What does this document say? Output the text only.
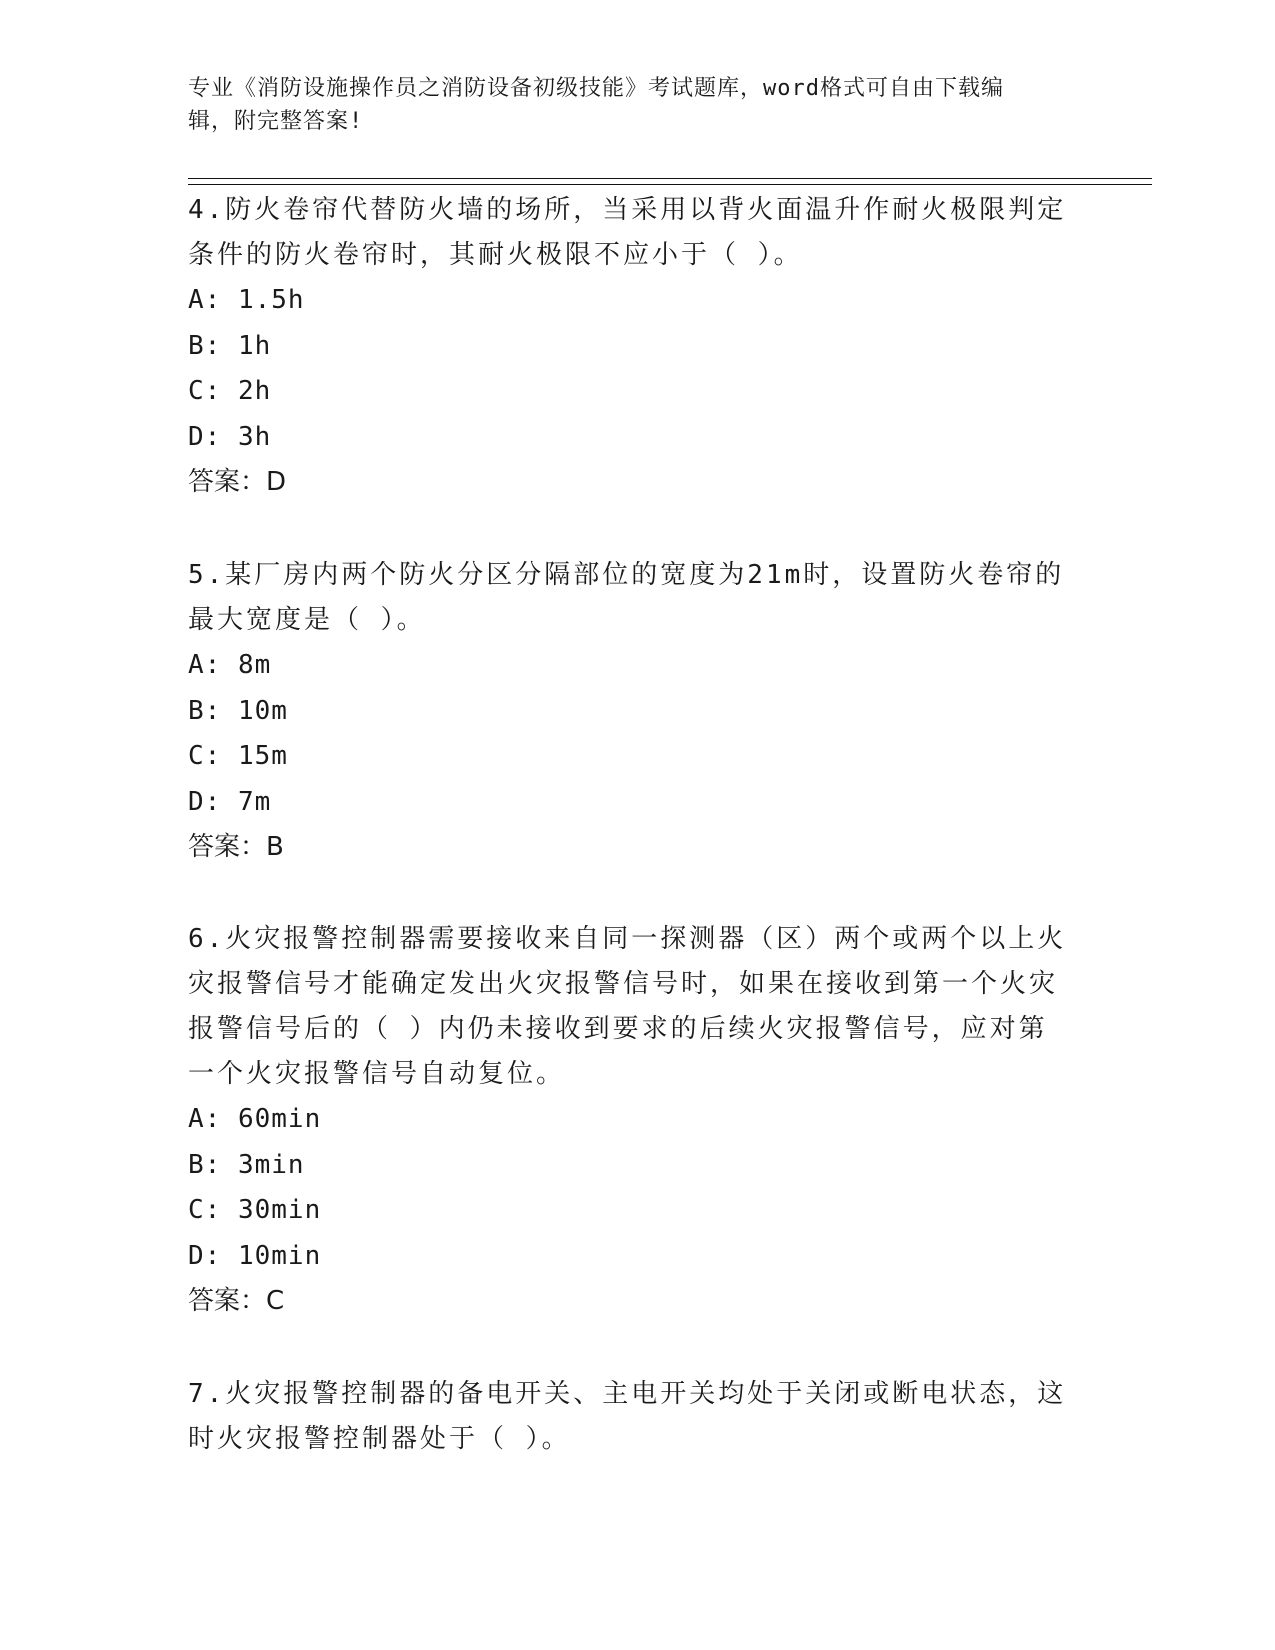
专业《消防设施操作员之消防设备初级技能》考试题库，word格式可自由下载编
辑，附完整答案!
4.防火卷帘代替防火墙的场所，当采用以背火面温升作耐火极限判定
条件的防火卷帘时，其耐火极限不应小于（ ）。
A: 1.5h
B: 1h
C: 2h
D: 3h
答案：D
5.某厂房内两个防火分区分隔部位的宽度为21m时，设置防火卷帘的
最大宽度是（ ）。
A: 8m
B: 10m
C: 15m
D: 7m
答案：B
6.火灾报警控制器需要接收来自同一探测器（区）两个或两个以上火
灾报警信号才能确定发出火灾报警信号时，如果在接收到第一个火灾
报警信号后的（ ）内仍未接收到要求的后续火灾报警信号，应对第
一个火灾报警信号自动复位。
A: 60min
B: 3min
C: 30min
D: 10min
答案：C
7.火灾报警控制器的备电开关、主电开关均处于关闭或断电状态，这
时火灾报警控制器处于（ ）。
